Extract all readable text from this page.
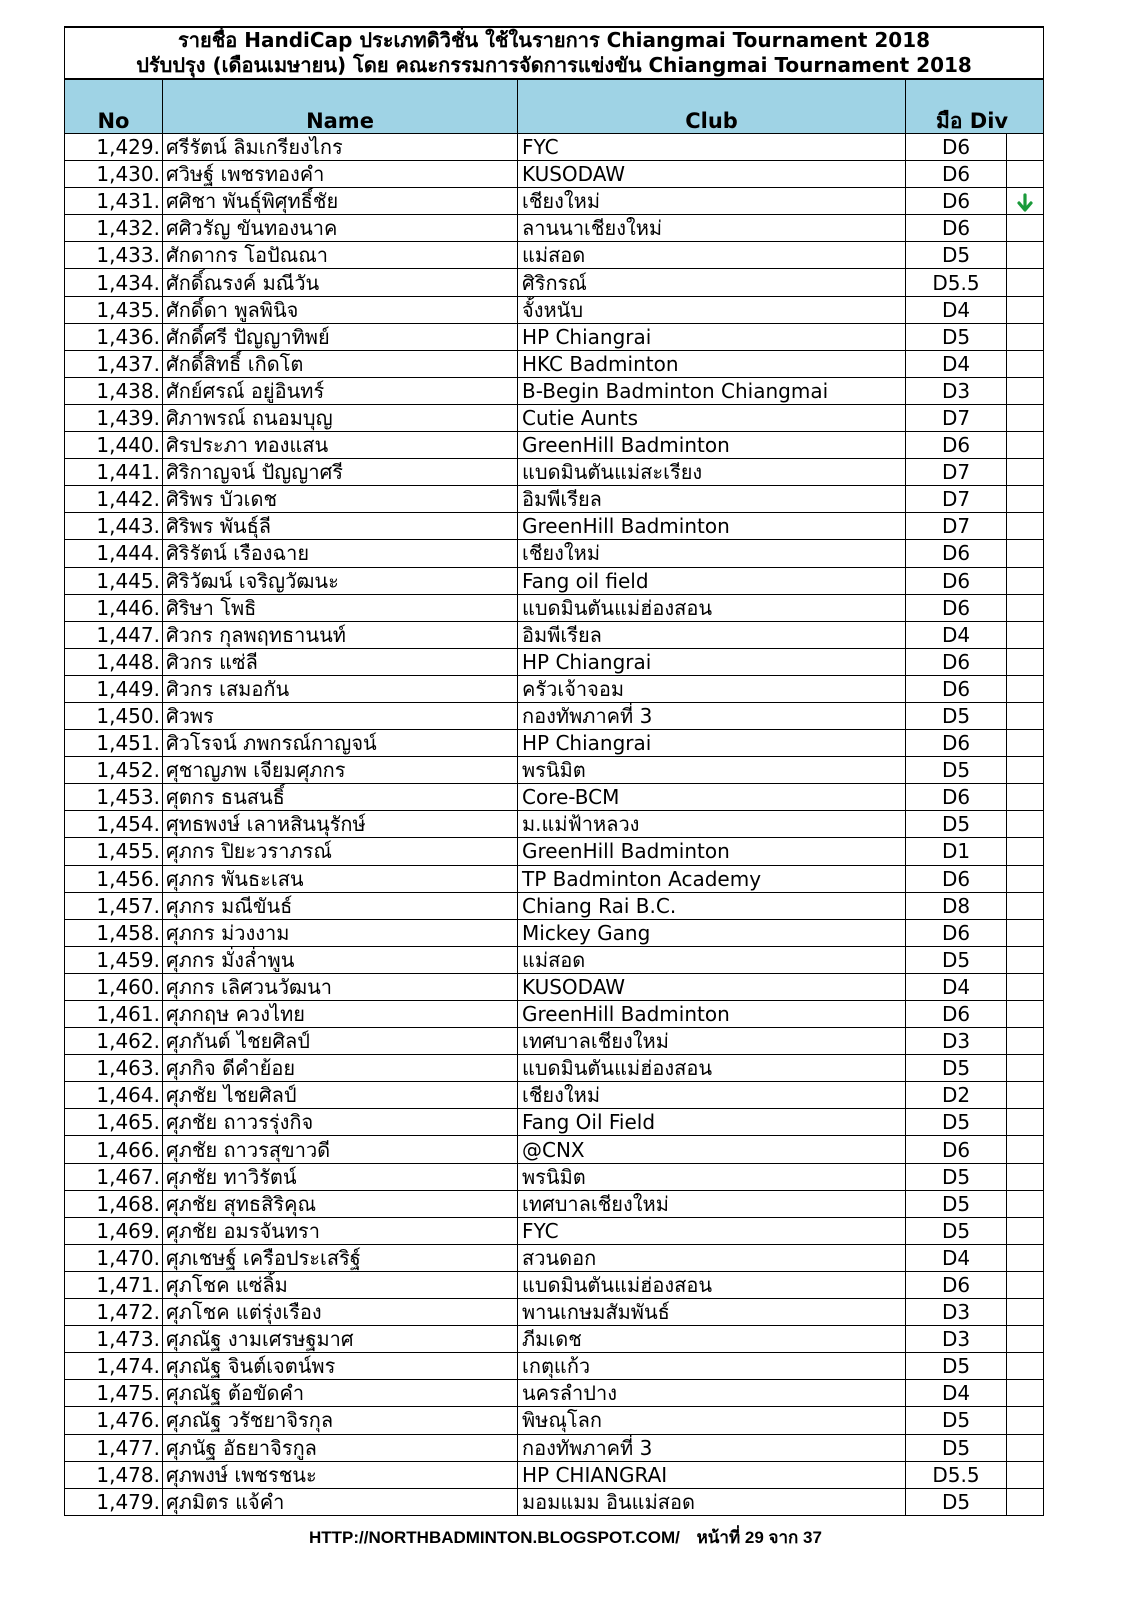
รายชื่อ HandiCap ประเภทดิวิชั่น ใช้ในรายการ Chiangmai Tournament 2018				
ปรับปรุง (เดือนเมษายน) โดย คณะกรรมการจัดการแข่งขัน Chiangmai Tournament 2018				
No	Name	Club	มือ Div	
1,429.	ศรีรัตน์ ลิมเกรียงไกร	FYC	D6	
1,430.	ศวิษฐ์ เพชรทองคำ	KUSODAW	D6	
1,431.	ศศิชา พันธุ์พิศุทธิ์ชัย	เชียงใหม่	D6	
1,432.	ศศิวรัญ ขันทองนาค	ลานนาเชียงใหม่	D6	
1,433.	ศักดากร โอปัณณา	แม่สอด	D5	
1,434.	ศักดิ์ณรงค์ มณีวัน	ศิริกรณ์	D5.5	
1,435.	ศักดิ์ดา พูลพินิจ	จั้งหนับ	D4	
1,436.	ศักดิ์ศรี ปัญญาทิพย์	HP Chiangrai	D5	
1,437.	ศักดิ์สิทธิ์ เกิดโต	HKC Badminton	D4	
1,438.	ศักย์ศรณ์ อยู่อินทร์	B-Begin Badminton Chiangmai	D3	
1,439.	ศิภาพรณ์ ถนอมบุญ	Cutie Aunts	D7	
1,440.	ศิรประภา ทองแสน	GreenHill Badminton	D6	
1,441.	ศิริกาญจน์ ปัญญาศรี	แบดมินตันแม่สะเรียง	D7	
1,442.	ศิริพร บัวเดช	อิมพีเรียล	D7	
1,443.	ศิริพร พันธุ์ลี	GreenHill Badminton	D7	
1,444.	ศิริรัตน์ เรืองฉาย	เชียงใหม่	D6	
1,445.	ศิริวัฒน์ เจริญวัฒนะ	Fang oil field	D6	
1,446.	ศิริษา โพธิ	แบดมินตันแม่ฮ่องสอน	D6	
1,447.	ศิวกร กุลพฤทธานนท์	อิมพีเรียล	D4	
1,448.	ศิวกร แซ่ลี	HP Chiangrai	D6	
1,449.	ศิวกร เสมอกัน	ครัวเจ้าจอม	D6	
1,450.	ศิวพร	กองทัพภาคที่ 3	D5	
1,451.	ศิวโรจน์ ภพกรณ์กาญจน์	HP Chiangrai	D6	
1,452.	ศุชาญภพ เจียมศุภกร	พรนิมิต	D5	
1,453.	ศุตกร ธนสนธิ์	Core-BCM	D6	
1,454.	ศุทธพงษ์ เลาหสินนุรักษ์	ม.แม่ฟ้าหลวง	D5	
1,455.	ศุภกร ปิยะวราภรณ์	GreenHill Badminton	D1	
1,456.	ศุภกร พันธะเสน	TP Badminton Academy	D6	
1,457.	ศุภกร มณีขันธ์	Chiang Rai B.C.	D8	
1,458.	ศุภกร ม่วงงาม	Mickey Gang	D6	
1,459.	ศุภกร มั่งล่ำพูน	แม่สอด	D5	
1,460.	ศุภกร เลิศวนวัฒนา	KUSODAW	D4	
1,461.	ศุภกฤษ ควงไทย	GreenHill Badminton	D6	
1,462.	ศุภกันต์ ไชยศิลป์	เทศบาลเชียงใหม่	D3	
1,463.	ศุภกิจ ดีคำย้อย	แบดมินตันแม่ฮ่องสอน	D5	
1,464.	ศุภชัย ไชยศิลป์	เชียงใหม่	D2	
1,465.	ศุภชัย ถาวรรุ่งกิจ	Fang Oil Field	D5	
1,466.	ศุภชัย ถาวรสุขาวดี	@CNX	D6	
1,467.	ศุภชัย ทาวิรัตน์	พรนิมิต	D5	
1,468.	ศุภชัย สุทธสิริคุณ	เทศบาลเชียงใหม่	D5	
1,469.	ศุภชัย อมรจันทรา	FYC	D5	
1,470.	ศุภเชษฐ์ เครือประเสริฐ์	สวนดอก	D4	
1,471.	ศุภโชค แซ่ลิ้ม	แบดมินตันแม่ฮ่องสอน	D6	
1,472.	ศุภโชค แต่รุ่งเรือง	พานเกษมสัมพันธ์	D3	
1,473.	ศุภณัฐ งามเศรษฐมาศ	ภีมเดช	D3	
1,474.	ศุภณัฐ จินต์เจตน์พร	เกตุแก้ว	D5	
1,475.	ศุภณัฐ ต้อขัดคำ	นครลำปาง	D4	
1,476.	ศุภณัฐ วรัชยาจิรกุล	พิษณุโลก	D5	
1,477.	ศุภนัฐ อัธยาจิรกูล	กองทัพภาคที่ 3	D5	
1,478.	ศุภพงษ์ เพชรชนะ	HP CHIANGRAI	D5.5	
1,479.	ศุภมิตร แจ้คำ	มอมแมม อินแม่สอด	D5	
HTTP://NORTHBADMINTON.BLOGSPOT.COM/ หน้าที่ 29 จาก 37
